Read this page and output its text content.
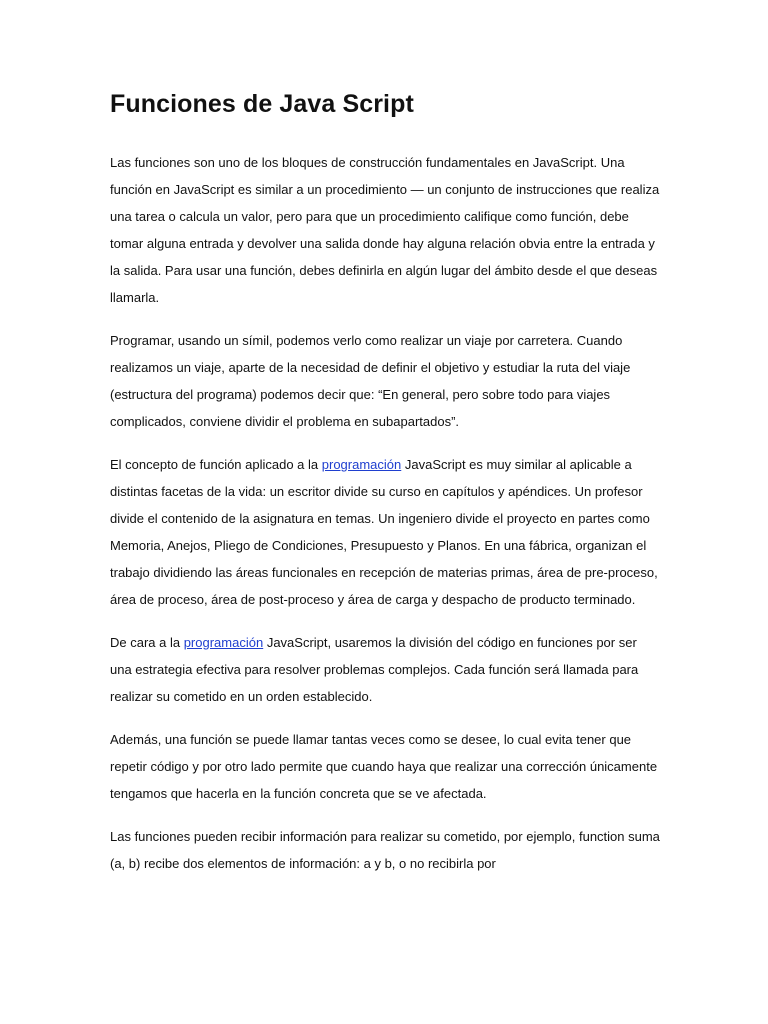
Funciones de Java Script

Las funciones son uno de los bloques de construcción fundamentales en JavaScript. Una función en JavaScript es similar a un procedimiento — un conjunto de instrucciones que realiza una tarea o calcula un valor, pero para que un procedimiento califique como función, debe tomar alguna entrada y devolver una salida donde hay alguna relación obvia entre la entrada y la salida. Para usar una función, debes definirla en algún lugar del ámbito desde el que deseas llamarla.

Programar, usando un símil, podemos verlo como realizar un viaje por carretera. Cuando realizamos un viaje, aparte de la necesidad de definir el objetivo y estudiar la ruta del viaje (estructura del programa) podemos decir que: “En general, pero sobre todo para viajes complicados, conviene dividir el problema en subapartados”.

El concepto de función aplicado a la programación JavaScript es muy similar al aplicable a distintas facetas de la vida: un escritor divide su curso en capítulos y apéndices. Un profesor divide el contenido de la asignatura en temas. Un ingeniero divide el proyecto en partes como Memoria, Anejos, Pliego de Condiciones, Presupuesto y Planos. En una fábrica, organizan el trabajo dividiendo las áreas funcionales en recepción de materias primas, área de pre-proceso, área de proceso, área de post-proceso y área de carga y despacho de producto terminado.

De cara a la programación JavaScript, usaremos la división del código en funciones por ser una estrategia efectiva para resolver problemas complejos. Cada función será llamada para realizar su cometido en un orden establecido.

Además, una función se puede llamar tantas veces como se desee, lo cual evita tener que repetir código y por otro lado permite que cuando haya que realizar una corrección únicamente tengamos que hacerla en la función concreta que se ve afectada.

Las funciones pueden recibir información para realizar su cometido, por ejemplo, function suma (a, b) recibe dos elementos de información: a y b, o no recibirla por
